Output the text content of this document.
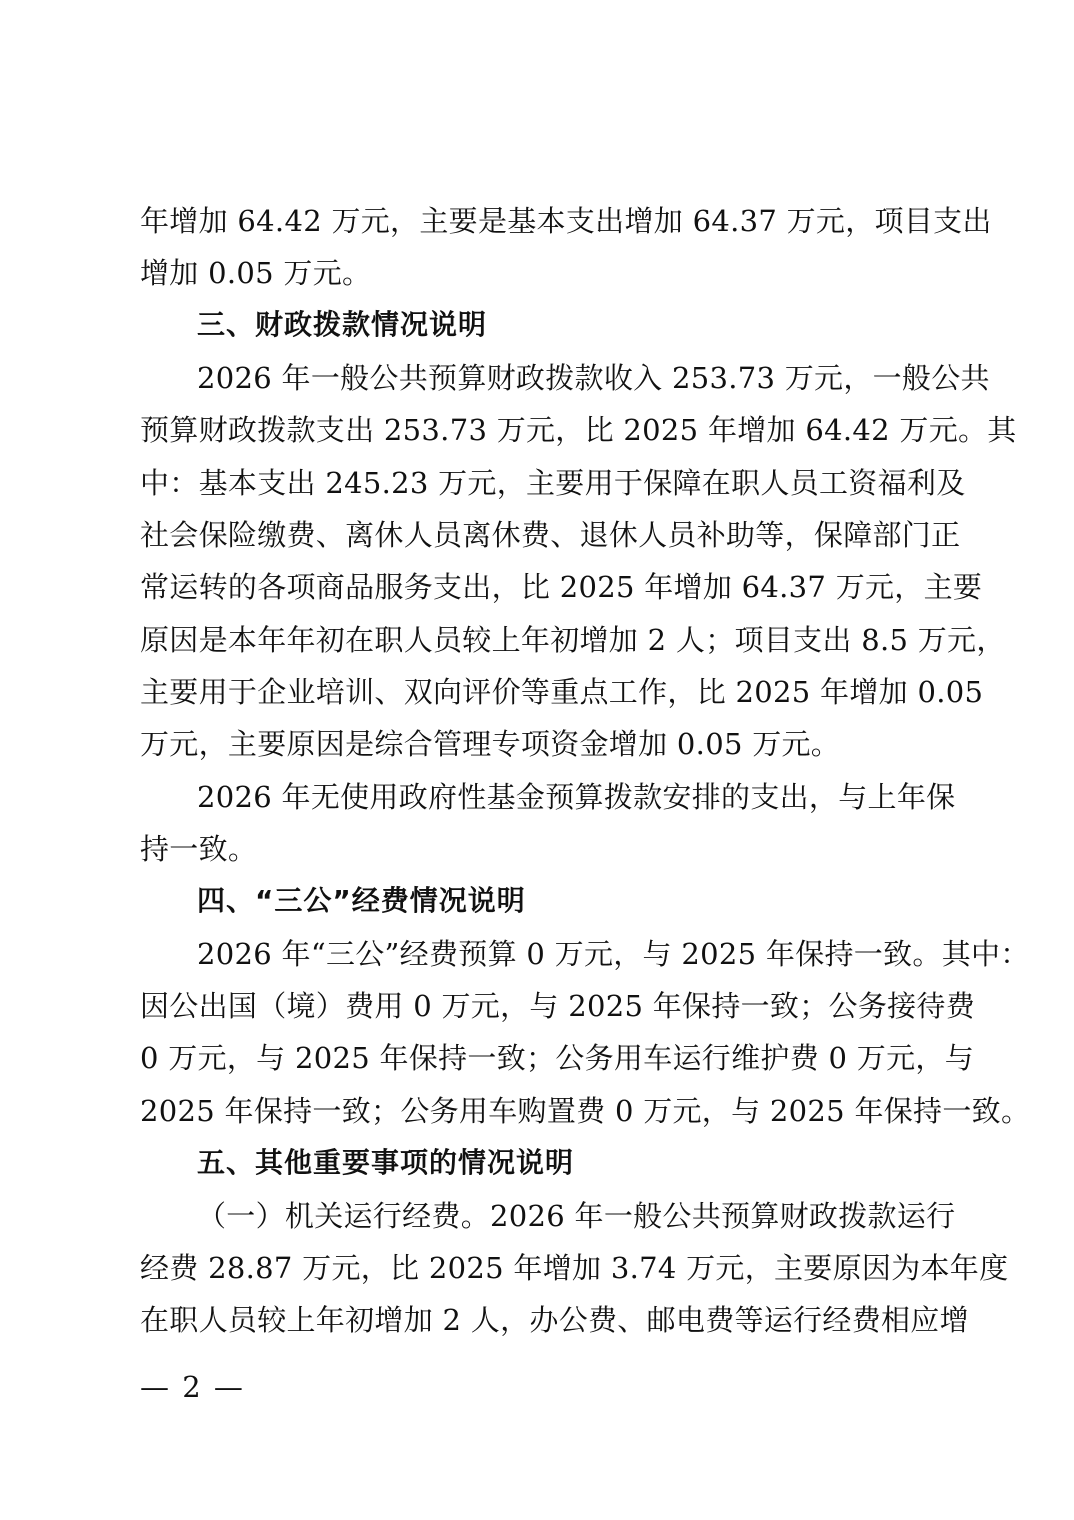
年增加 64.42 万元，主要是基本支出增加 64.37 万元，项目支出
增加 0.05 万元。
三、财政拨款情况说明
2026 年一般公共预算财政拨款收入 253.73 万元，一般公共
预算财政拨款支出 253.73 万元，比 2025 年增加 64.42 万元。其
中：基本支出 245.23 万元，主要用于保障在职人员工资福利及
社会保险缴费、离休人员离休费、退休人员补助等，保障部门正
常运转的各项商品服务支出，比 2025 年增加 64.37 万元，主要
原因是本年年初在职人员较上年初增加 2 人；项目支出 8.5 万元，
主要用于企业培训、双向评价等重点工作，比 2025 年增加 0.05
万元，主要原因是综合管理专项资金增加 0.05 万元。
2026 年无使用政府性基金预算拨款安排的支出，与上年保
持一致。
四、“三公”经费情况说明
2026 年“三公”经费预算 0 万元，与 2025 年保持一致。其中：
因公出国（境）费用 0 万元，与 2025 年保持一致；公务接待费
0 万元，与 2025 年保持一致；公务用车运行维护费 0 万元，与
2025 年保持一致；公务用车购置费 0 万元，与 2025 年保持一致。
五、其他重要事项的情况说明
（一）机关运行经费。2026 年一般公共预算财政拨款运行
经费 28.87 万元，比 2025 年增加 3.74 万元，主要原因为本年度
在职人员较上年初增加 2 人，办公费、邮电费等运行经费相应增
— 2 —
